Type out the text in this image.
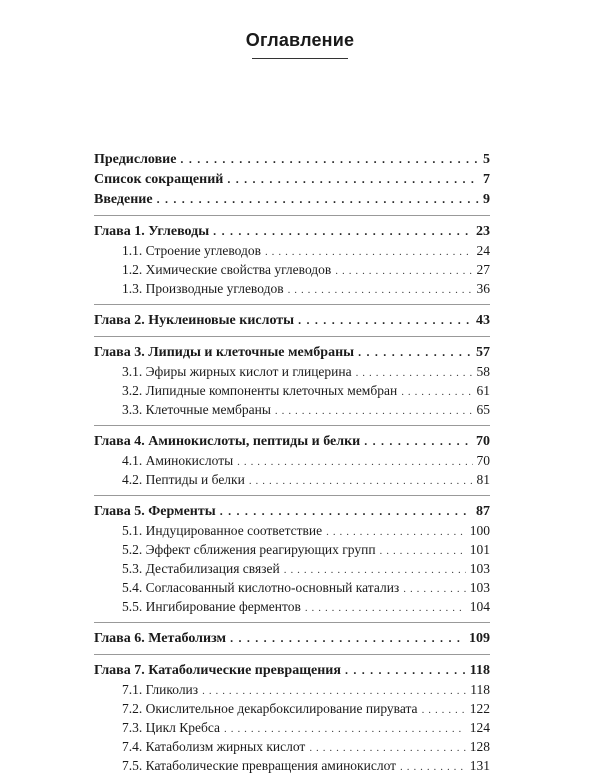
Оглавление
Предисловие . . .	5
Список сокращений . . .	7
Введение . . .	9
Глава 1. Углеводы . . .	23
1.1. Строение углеводов . . .	24
1.2. Химические свойства углеводов . . .	27
1.3. Производные углеводов . . .	36
Глава 2. Нуклеиновые кислоты . . .	43
Глава 3. Липиды и клеточные мембраны . . .	57
3.1. Эфиры жирных кислот и глицерина . . .	58
3.2. Липидные компоненты клеточных мембран . . .	61
3.3. Клеточные мембраны . . .	65
Глава 4. Аминокислоты, пептиды и белки . . .	70
4.1. Аминокислоты . . .	70
4.2. Пептиды и белки . . .	81
Глава 5. Ферменты . . .	87
5.1. Индуцированное соответствие . . .	100
5.2. Эффект сближения реагирующих групп . . .	101
5.3. Дестабилизация связей . . .	103
5.4. Согласованный кислотно-основный катализ . . .	103
5.5. Ингибирование ферментов . . .	104
Глава 6. Метаболизм . . .	109
Глава 7. Катаболические превращения . . .	118
7.1. Гликолиз . . .	118
7.2. Окислительное декарбоксилирование пирувата . . .	122
7.3. Цикл Кребса . . .	124
7.4. Катаболизм жирных кислот . . .	128
7.5. Катаболические превращения аминокислот . . .	131
